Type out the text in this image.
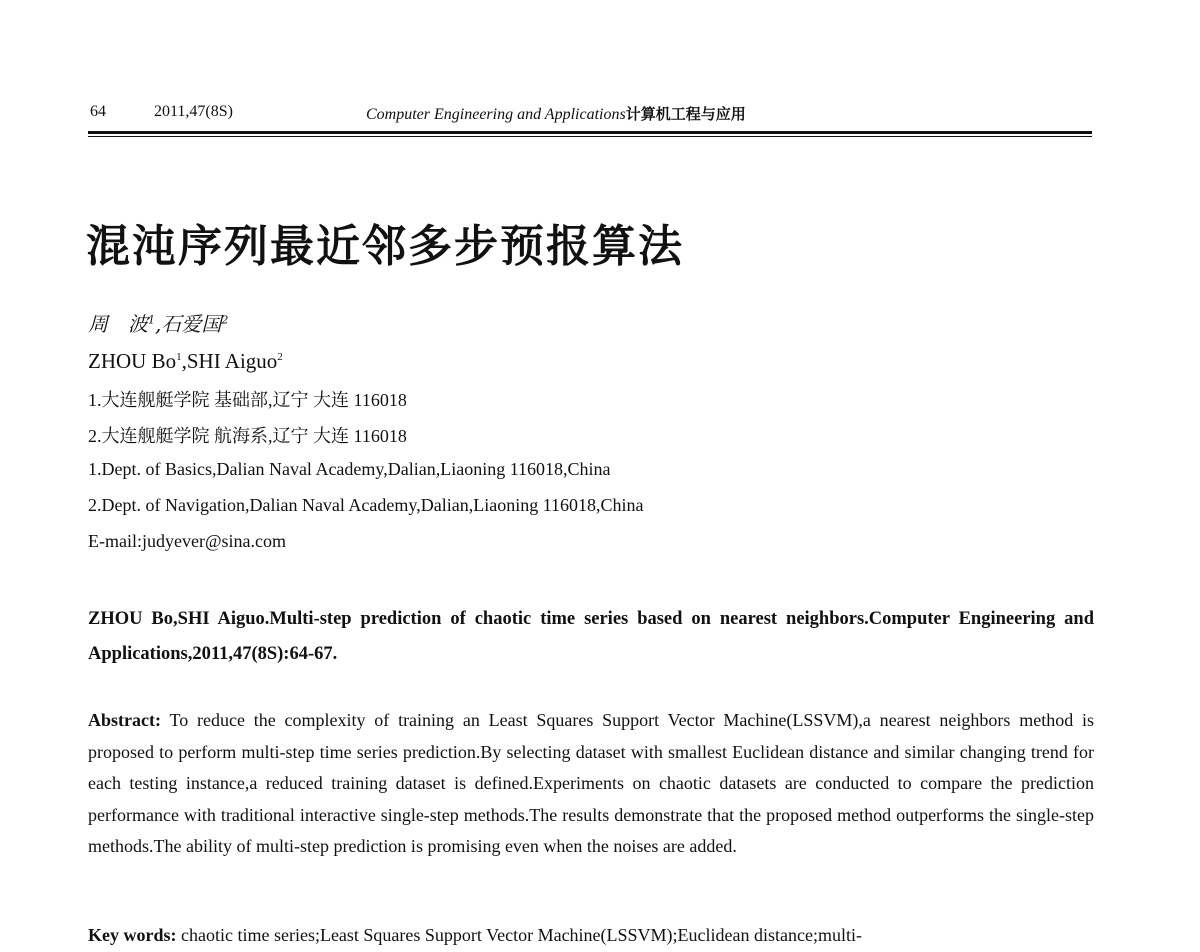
64	2011,47(8S)	Computer Engineering and Applications计算机工程与应用
混沌序列最近邻多步预报算法
周　波$^1$,石爱国$^2$
ZHOU Bo$^1$,SHI Aiguo$^2$
1.大连舰艇学院 基础部,辽宁 大连 116018
2.大连舰艇学院 航海系,辽宁 大连 116018
1.Dept. of Basics,Dalian Naval Academy,Dalian,Liaoning 116018,China
2.Dept. of Navigation,Dalian Naval Academy,Dalian,Liaoning 116018,China
E-mail:judyever@sina.com
ZHOU Bo,SHI Aiguo.Multi-step prediction of chaotic time series based on nearest neighbors.Computer Engineering and Applications,2011,47(8S):64-67.
Abstract: To reduce the complexity of training an Least Squares Support Vector Machine(LSSVM),a nearest neighbors method is proposed to perform multi-step time series prediction.By selecting dataset with smallest Euclidean distance and similar changing trend for each testing instance,a reduced training dataset is defined.Experiments on chaotic datasets are conducted to compare the prediction performance with traditional interactive single-step methods.The results demonstrate that the proposed method outperforms the single-step methods.The ability of multi-step prediction is promising even when the noises are added.
Key words: chaotic time series;Least Squares Support Vector Machine(LSSVM);Euclidean distance;multi-
